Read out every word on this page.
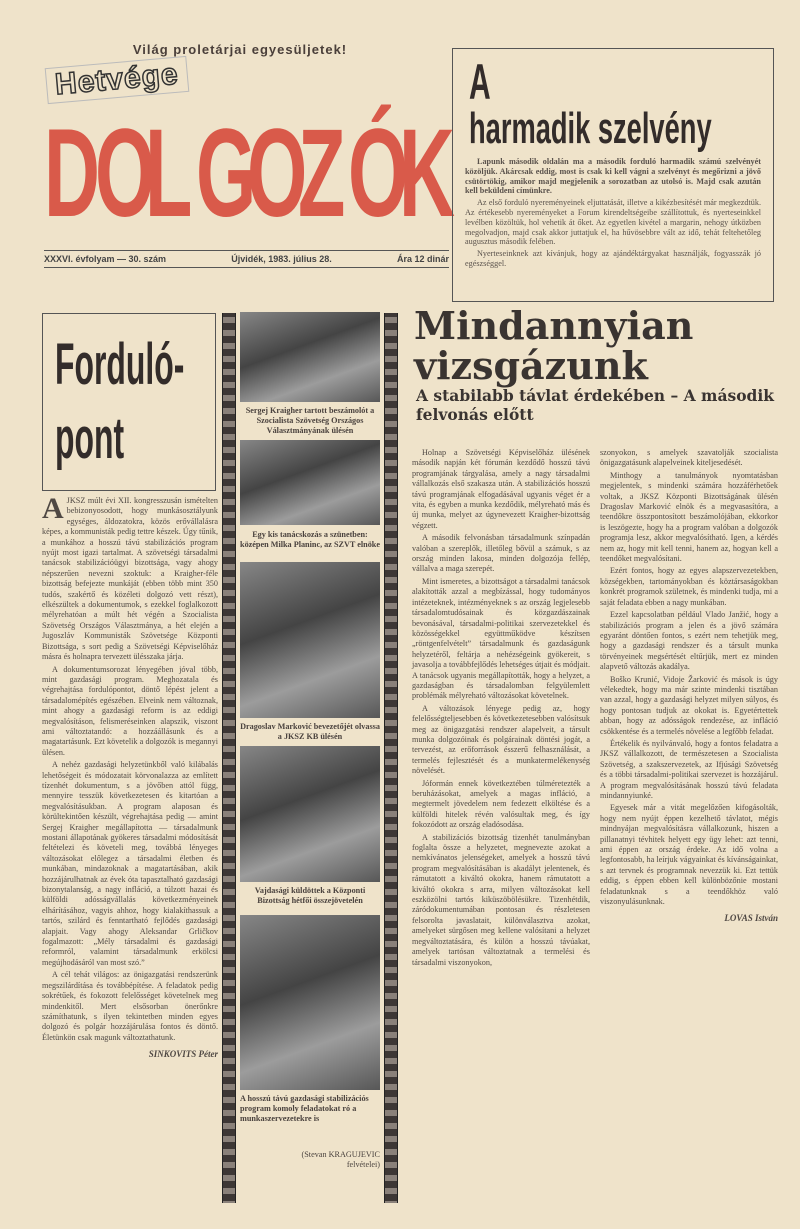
Világ proletárjai egyesüljetek!
Hetvége
D
O
L G
O
Z Ó
K
XXXVI. évfolyam — 30. szám	Újvidék, 1983. július 28.	Ára 12 dinár
A
harmadik szelvény

Lapunk második oldalán ma a második forduló harmadik számú szelvényét közöljük. Akárcsak eddig, most is csak ki kell vágni a szelvényt és megőrizni a jövő csütörtökig, amikor majd megjelenik a sorozatban az utolsó is. Majd csak azután kell beküldeni címünkre.

Az első forduló nyereményeinek eljuttatását, illetve a kikézbesítését már megkezdtük. Az értékesebb nyereményeket a Forum kirendeltségeibe szállítottuk, és nyerteseinkkel levélben közöltük, hol vehetik át őket. Az egyetlen kivétel a margarin, nehogy útközben megolvadjon, majd csak akkor juttatjuk el, ha hűvösebbre vált az idő, tehát feltehetőleg augusztus második felében.

Nyerteseinknek azt kívánjuk, hogy az ajándéktárgyakat használják, fogyasszák jó egészséggel.

Forduló-
pont

AJKSZ múlt évi XII. kongresszusán ismételten bebizonyosodott, hogy munkásosztályunk egységes, áldozatokra, közös erővállalásra képes, a kommunisták pedig tettre készek. Úgy tűnik, a munkához a hosszú távú stabilizációs program nyújt most igazi tartalmat. A szövetségi társadalmi tanácsok stabilizációügyi bizottsága, vagy ahogy népszerűen nevezni szoktuk: a Kraigher-féle bizottság befejezte munkáját (ebben több mint 350 tudós, szakértő és közéleti dolgozó vett részt), elkészültek a dokumentumok, s ezekkel foglalkozott mélyrehatóan a múlt hét végén a Szocialista Szövetség Országos Választmánya, a hét elején a Jugoszláv Kommunisták Szövetsége Központi Bizottsága, s sort pedig a Szövetségi Képviselőház másra és holnapra tervezett ülésszaka járja.

A dokumentumsorozat lényegében jóval több, mint gazdasági program. Meghozatala és végrehajtása fordulópontot, döntő lépést jelent a társadalomépítés egészében. Elveink nem változnak, mint ahogy a gazdasági reform is az eddigi megvalósításon, felismeréseinken alapszik, viszont ami változtatandó: a hozzáállásunk és a magatartásunk. Ezt követelik a dolgozók is megannyi ülésen.

A nehéz gazdasági helyzetünkből való kilábalás lehetőségeit és módozatait körvonalazza az említett tízenhét dokumentum, s a jövőben attól függ, mennyire tesszük következetesen és kitartóan a megvalósításukban. A program alaposan és körültekintően készült, végrehajtása pedig — amint Sergej Kraigher megállapította — társadalmunk mostani állapotának gyökeres társadalmi módosítását feltételezi és követeli meg, továbbá lényeges változásokat előlegez a társadalmi életben és munkában, mindazoknak a magatartásában, akik hozzájárulhatnak az évek óta tapasztalható gazdasági bizonytalanság, a nagy infláció, a túlzott hazai és külföldi adósságvállalás következményeinek elhárításához, vagyis ahhoz, hogy kialakíthassuk a tartós, szilárd és fenntartható fejlődés gazdasági alapjait. Vagy ahogy Aleksandar Grličkov fogalmazott: „Mély társadalmi és gazdasági reformról, valamint társadalmunk erkölcsi megújhodásáról van most szó.”

A cél tehát világos: az önigazgatási rendszerünk megszilárdítása és továbbépítése. A feladatok pedig sokrétűek, és fokozott felelősséget követelnek meg mindenkitől. Mert elsősorban önerőnkre számíthatunk, s ilyen tekintetben minden egyes dolgozó és polgár hozzájárulása fontos és döntő. Életünkön csak magunk változtathatunk.

SINKOVITS Péter
Sergej Kraigher tartott beszámolót a Szocialista Szövetség Országos Választmányának ülésén
Egy kis tanácskozás a szünetben: középen Milka Planinc, az SZVT elnöke
Dragoslav Marković bevezetőjét olvassa a JKSZ KB ülésén
Vajdasági küldöttek a Központi Bizottság hétfői összejövetelén
A hosszú távú gazdasági stabilizációs program komoly feladatokat ró a munkaszervezetekre is
(Stevan KRAGUJEVIC
felvételei)
Mindannyian
vizsgázunk
A stabilabb távlat érdekében – A második felvonás előtt

Holnap a Szövetségi Képviselőház ülésének második napján két fórumán kezdődő hosszú távú programjának tárgyalása, amely a nagy társadalmi vállalkozás első szakasza után. A stabilizációs hosszú távú programjának elfogadásával ugyanis véget ér a vita, és egyben a munka kezdődik, mélyreható más és új munka, melyet az úgynevezett Kraigher-bizottság végzett.

A második felvonásban társadalmunk színpadán valóban a szereplők, illetőleg bővül a számuk, s az ország minden lakosa, minden dolgozója fellép, vállalva a maga szerepét.

Mint ismeretes, a bizottságot a társadalmi tanácsok alakították azzal a megbízással, hogy tudományos intézeteknek, intézményeknek s az ország legjelesebb társadalomtudósainak és közgazdászainak bevonásával, társadalmi-politikai szervezetekkel és közösségekkel együttműködve készítsen „röntgenfelvételt” társadalmunk és gazdaságunk helyzetéről, feltárja a nehézségeink gyökereit, s javasolja a továbbfejlődés lehetséges útjait és módjait. A tanácsok ugyanis megállapították, hogy a helyzet, a gazdaságban és társadalomban felgyülemlett problémák mélyreható változásokat követelnek.

A változások lényege pedig az, hogy felelősségteljesebben és következetesebben valósítsuk meg az önigazgatási rendszer alapelveit, a társult munka dolgozóinak és polgárainak döntési jogát, a tervezést, az erőforrások ésszerű felhasználását, a termelés fejlesztését és a munkatermelékenység növelését.

Jóformán ennek következtében túlméretezték a beruházásokat, amelyek a magas infláció, a megtermelt jövedelem nem fedezett elköltése és a külföldi hitelek révén valósultak meg, és így fokozódott az ország eladósodása.

A stabilizációs bizottság tizenhét tanulmányban foglalta össze a helyzetet, megnevezte azokat a nemkívánatos jelenségeket, amelyek a hosszú távú program megvalósításában is akadályt jelentenek, és rámutatott a kiváltó okokra, hanem rámutatott a kiváltó okokra s arra, milyen változásokat kell eszközölni tartós kiküszöbölésükre. Tizenhétdik, záródokumentumában pontosan és részletesen felsorolta javaslatait, különválasztva azokat, amelyeket sürgősen meg kellene valósítani a helyzet megváltoztatására, és külön a hosszú távúakat, amelyek tartósan változtatnak a termelési és társadalmi viszonyokon,

szonyokon, s amelyek szavatolják szocialista önigazgatásunk alapelveinek kiteljesedését.

Minthogy a tanulmányok nyomtatásban megjelentek, s mindenki számára hozzáférhetőek voltak, a JKSZ Központi Bizottságának ülésén Dragoslav Marković elnök és a megvasasítóra, a teendőkre összpontosított beszámolójában, ekkorkor is leszögezte, hogy ha a program valóban a dolgozók programja lesz, akkor megvalósítható. Igen, a kérdés nem az, hogy mit kell tenni, hanem az, hogyan kell a teendőket megvalósítani.

Ezért fontos, hogy az egyes alapszervezetekben, községekben, tartományokban és köztársaságokban konkrét programok születnek, és mindenki tudja, mi a saját feladata ebben a nagy munkában.

Ezzel kapcsolatban például Vlado Janžić, hogy a stabilizációs program a jelen és a jövő számára egyaránt döntően fontos, s ezért nem tehetjük meg, hogy a gazdasági rendszer és a társult munka törvényeinek megsértését eltűrjük, mert ez minden alapvető változás akadálya.

Boško Krunić, Vidoje Žarković és mások is úgy vélekedtek, hogy ma már szinte mindenki tisztában van azzal, hogy a gazdasági helyzet milyen súlyos, és hogy pontosan tudjuk az okokat is. Egyetértettek abban, hogy az adósságok rendezése, az infláció csökkentése és a termelés növelése a legfőbb feladat.

Értékelik és nyilvánvaló, hogy a fontos feladatra a JKSZ vállalkozott, de természetesen a Szocialista Szövetség, a szakszervezetek, az Ifjúsági Szövetség és a többi társadalmi-politikai szervezet is hozzájárul. A program megvalósításának hosszú távú feladata mindannyiunké.

Egyesek már a vitát megelőzően kifogásolták, hogy nem nyújt éppen kezelhető távlatot, mégis mindnyájan megvalósításra vállalkozunk, hiszen a pillanatnyi tévhitek helyett egy ügy lehet: azt tenni, ami éppen az ország érdeke. Az idő volna a legfontosabb, ha leírjuk vágyainkat és kívánságainkat, s azt tervnek és programnak nevezzük ki. Ezt tettük eddig, s éppen ebben kell különbözőnie mostani feladatunknak s a teendőkhöz való viszonyulásunknak.

LOVAS István
